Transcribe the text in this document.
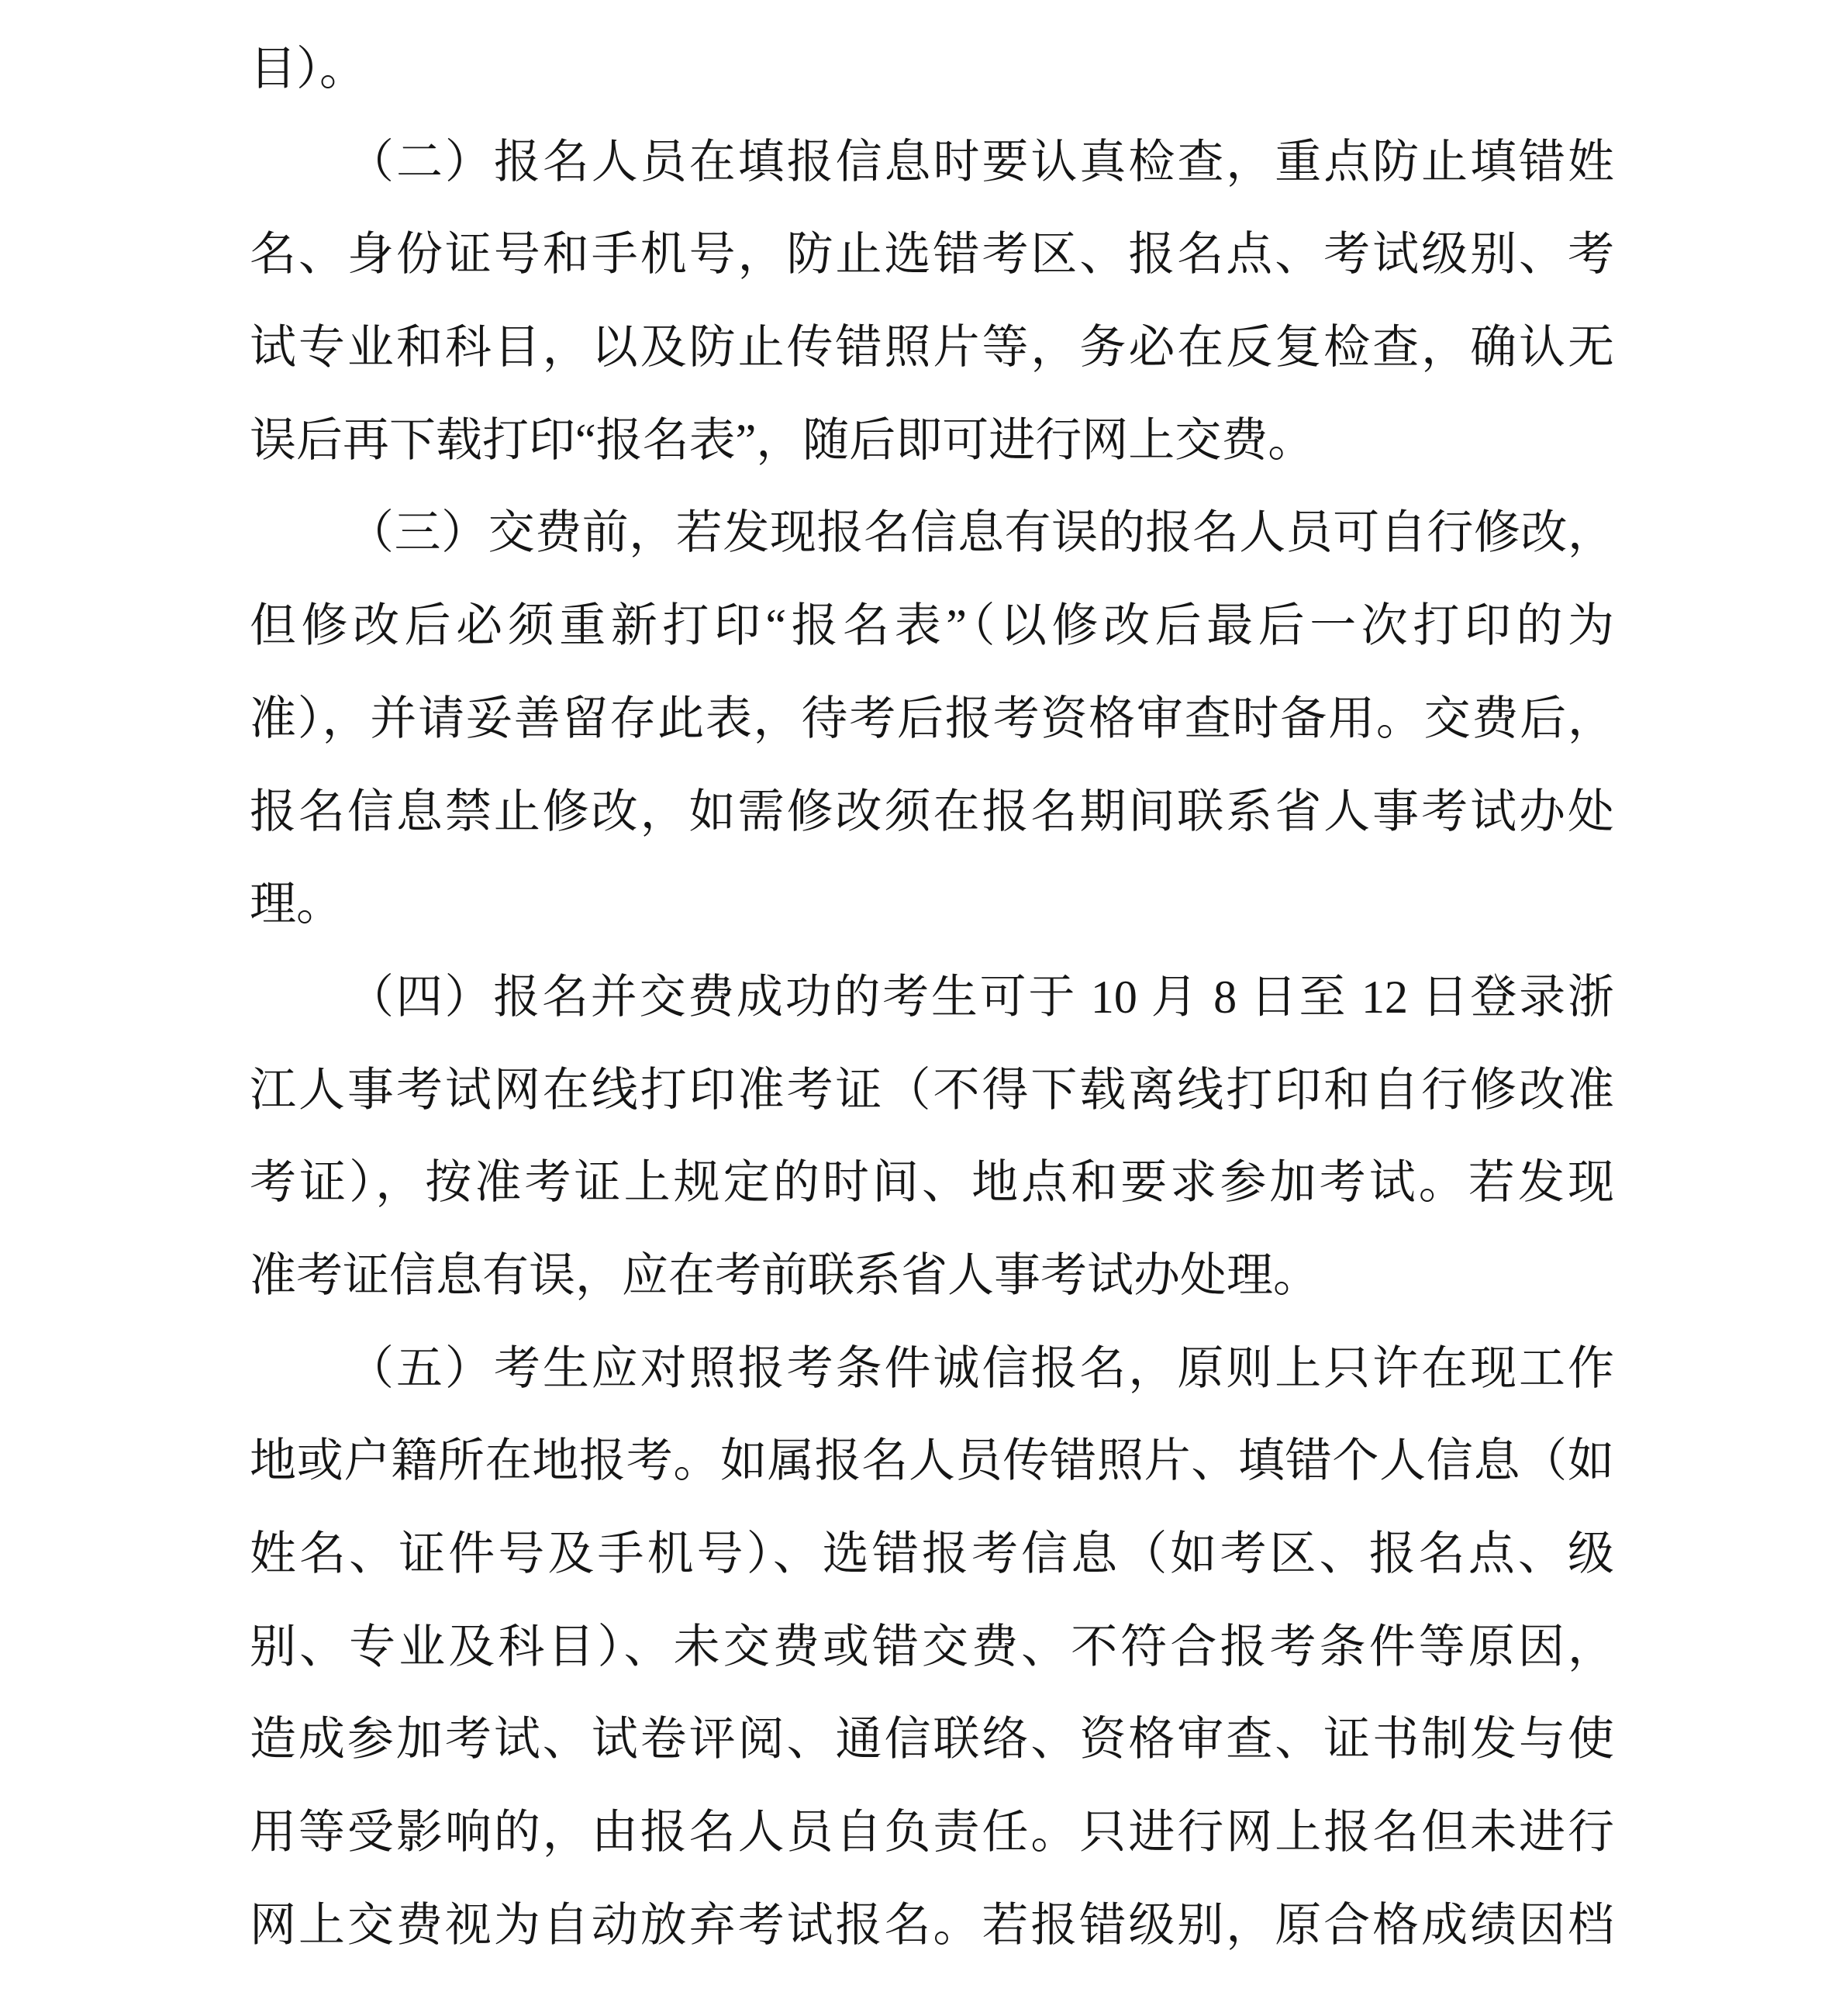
目）。
（二）报名人员在填报信息时要认真检查，重点防止填错姓
名、身份证号和手机号，防止选错考区、报名点、考试级别、考
试专业和科目，以及防止传错照片等，务必在反复检查，确认无
误后再下载打印“报名表”，随后即可进行网上交费。
（三）交费前，若发现报名信息有误的报名人员可自行修改，
但修改后必须重新打印“报名表”（以修改后最后一次打印的为
准），并请妥善留存此表，待考后报考资格审查时备用。交费后，
报名信息禁止修改，如需修改须在报名期间联系省人事考试办处
理。
（四）报名并交费成功的考生可于 10 月 8 日至 12 日登录浙
江人事考试网在线打印准考证（不得下载离线打印和自行修改准
考证），按准考证上规定的时间、地点和要求参加考试。若发现
准考证信息有误，应在考前联系省人事考试办处理。
（五）考生应对照报考条件诚信报名，原则上只许在现工作
地或户籍所在地报考。如属报名人员传错照片、填错个人信息（如
姓名、证件号及手机号）、选错报考信息（如考区、报名点、级
别、专业及科目）、未交费或错交费、不符合报考条件等原因，
造成参加考试、试卷评阅、通信联络、资格审查、证书制发与使
用等受影响的，由报名人员自负责任。只进行网上报名但未进行
网上交费视为自动放弃考试报名。若报错级别，原合格成绩因档
